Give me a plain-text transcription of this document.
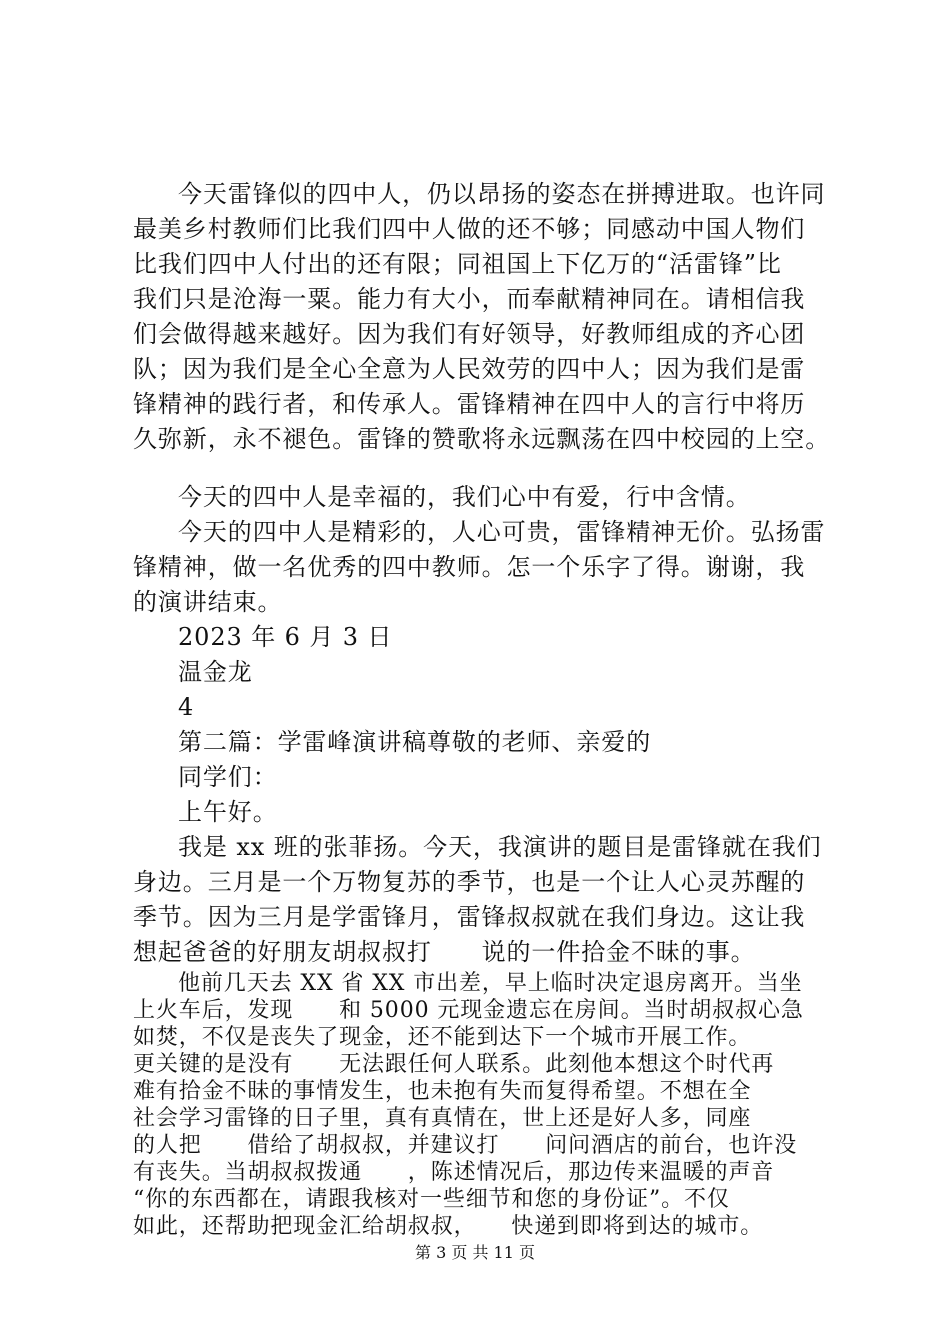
今天雷锋似的四中人，仍以昂扬的姿态在拼搏进取。也许同
最美乡村教师们比我们四中人做的还不够；同感动中国人物们
比我们四中人付出的还有限；同祖国上下亿万的“活雷锋”比
我们只是沧海一粟。能力有大小，而奉献精神同在。请相信我
们会做得越来越好。因为我们有好领导，好教师组成的齐心团
队；因为我们是全心全意为人民效劳的四中人；因为我们是雷
锋精神的践行者，和传承人。雷锋精神在四中人的言行中将历
久弥新，永不褪色。雷锋的赞歌将永远飘荡在四中校园的上空。
今天的四中人是幸福的，我们心中有爱，行中含情。
今天的四中人是精彩的，人心可贵，雷锋精神无价。弘扬雷
锋精神，做一名优秀的四中教师。怎一个乐字了得。谢谢，我
的演讲结束。
2023 年 6 月 3 日
温金龙
4
第二篇：学雷峰演讲稿尊敬的老师、亲爱的
同学们：
上午好。
我是 xx 班的张菲扬。今天，我演讲的题目是雷锋就在我们
身边。三月是一个万物复苏的季节，也是一个让人心灵苏醒的
季节。因为三月是学雷锋月，雷锋叔叔就在我们身边。这让我
想起爸爸的好朋友胡叔叔打　　说的一件拾金不昧的事。
他前几天去 XX 省 XX 市出差，早上临时决定退房离开。当坐
上火车后，发现　　和 5000 元现金遗忘在房间。当时胡叔叔心急
如焚，不仅是丧失了现金，还不能到达下一个城市开展工作。
更关键的是没有　　无法跟任何人联系。此刻他本想这个时代再
难有拾金不昧的事情发生，也未抱有失而复得希望。不想在全
社会学习雷锋的日子里，真有真情在，世上还是好人多，同座
的人把　　借给了胡叔叔，并建议打　　问问酒店的前台，也许没
第 3 页 共 11 页
有丧失。当胡叔叔拨通　　，陈述情况后，那边传来温暖的声音
“你的东西都在，请跟我核对一些细节和您的身份证”。不仅
如此，还帮助把现金汇给胡叔叔，　　快递到即将到达的城市。
